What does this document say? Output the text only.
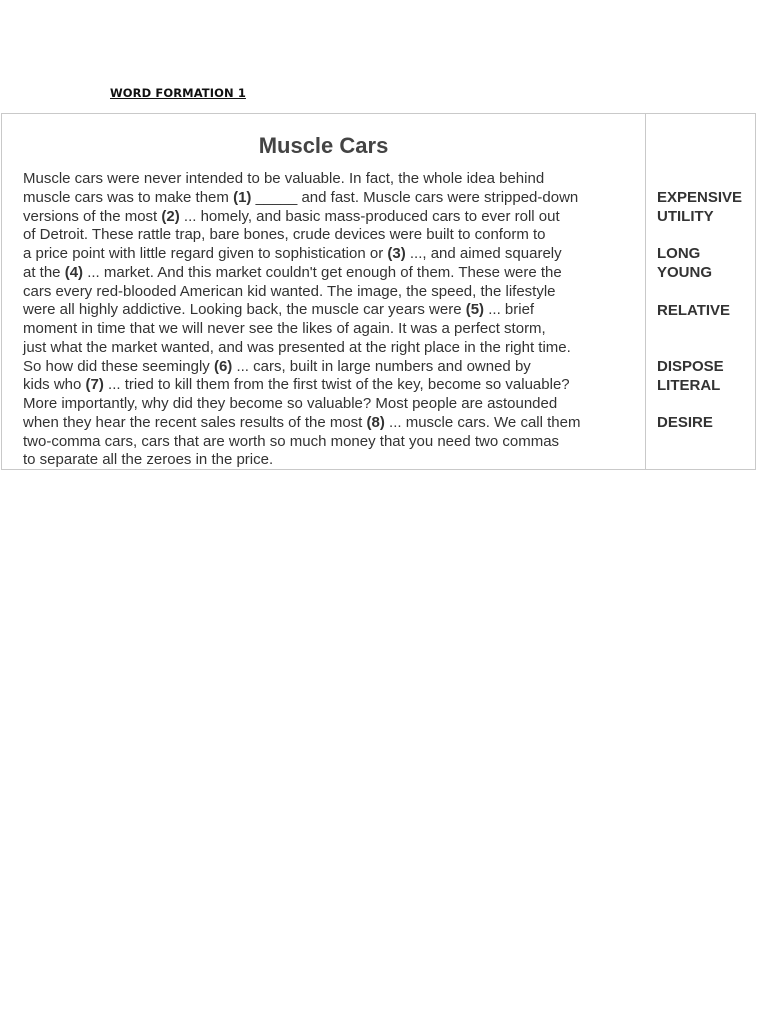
WORD FORMATION 1
Muscle Cars
Muscle cars were never intended to be valuable. In fact, the whole idea behind
muscle cars was to make them (1) _____ and fast. Muscle cars were stripped-down
versions of the most (2) ... homely, and basic mass-produced cars to ever roll out
of Detroit. These rattle trap, bare bones, crude devices were built to conform to
a price point with little regard given to sophistication or (3) ..., and aimed squarely
at the (4) ... market. And this market couldn't get enough of them. These were the
cars every red-blooded American kid wanted. The image, the speed, the lifestyle
were all highly addictive. Looking back, the muscle car years were (5) ... brief
moment in time that we will never see the likes of again. It was a perfect storm,
just what the market wanted, and was presented at the right place in the right time.
So how did these seemingly (6) ... cars, built in large numbers and owned by
kids who (7) ... tried to kill them from the first twist of the key, become so valuable?
More importantly, why did they become so valuable? Most people are astounded
when they hear the recent sales results of the most (8) ... muscle cars. We call them
two-comma cars, cars that are worth so much money that you need two commas
to separate all the zeroes in the price.
EXPENSIVE
UTILITY
LONG
YOUNG
RELATIVE
DISPOSE
LITERAL
DESIRE
